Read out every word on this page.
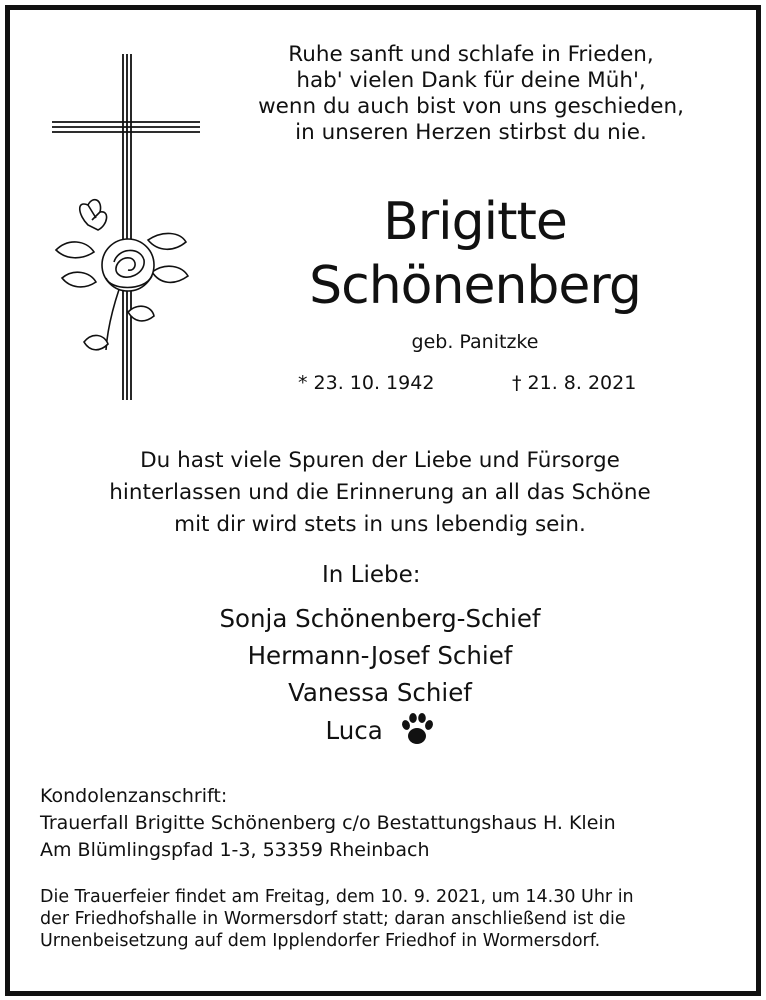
Ruhe sanft und schlafe in Frieden,
hab' vielen Dank für deine Müh',
wenn du auch bist von uns geschieden,
in unseren Herzen stirbst du nie.
Brigitte
Schönenberg
geb. Panitzke
* 23. 10. 1942	† 21. 8. 2021
Du hast viele Spuren der Liebe und Fürsorge
hinterlassen und die Erinnerung an all das Schöne
mit dir wird stets in uns lebendig sein.
In Liebe:
Sonja Schönenberg-Schief
Hermann-Josef Schief
Vanessa Schief
Luca
Kondolenzanschrift:
Trauerfall Brigitte Schönenberg c/o Bestattungshaus H. Klein
Am Blümlingspfad 1-3, 53359 Rheinbach
Die Trauerfeier findet am Freitag, dem 10. 9. 2021, um 14.30 Uhr in
der Friedhofshalle in Wormersdorf statt; daran anschließend ist die
Urnenbeisetzung auf dem Ipplendorfer Friedhof in Wormersdorf.
